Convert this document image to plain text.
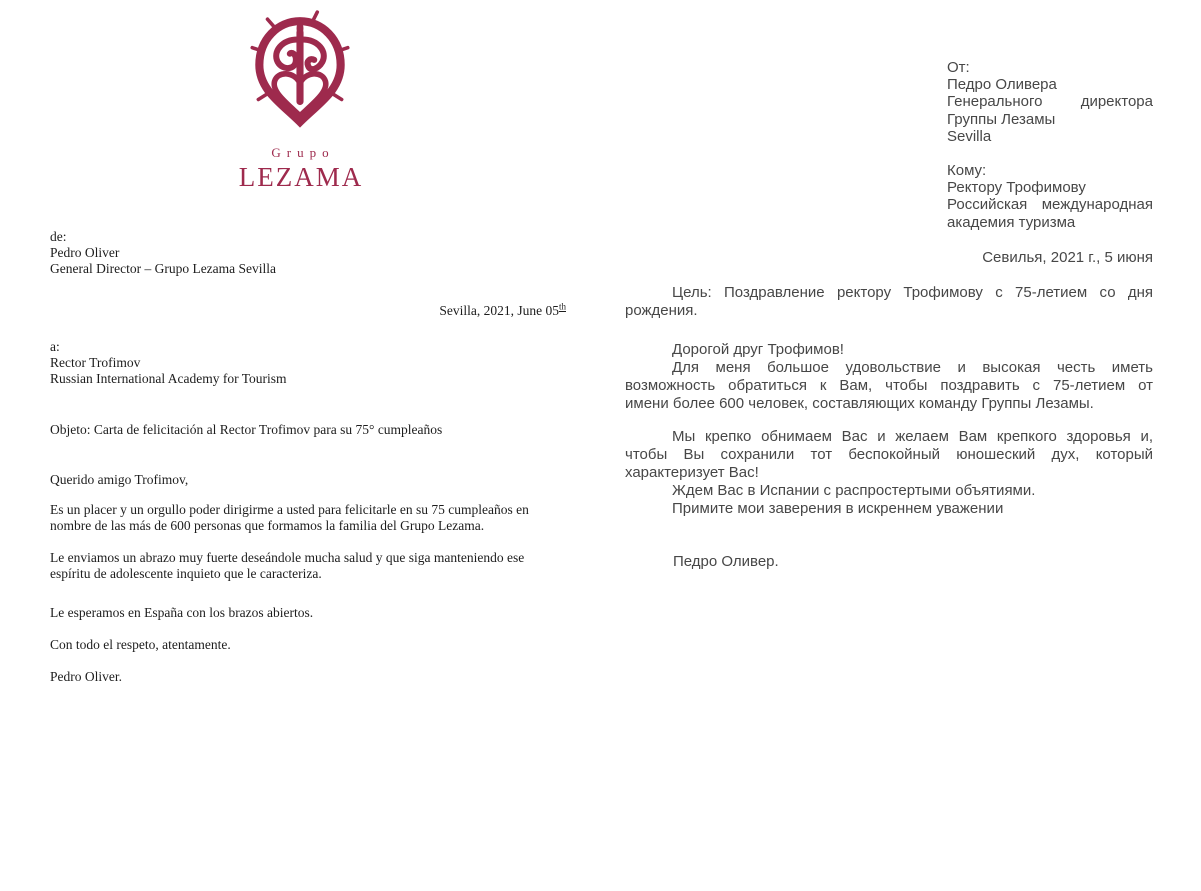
Grupo
LEZAMA
de:
Pedro Oliver
General Director – Grupo Lezama Sevilla
Sevilla, 2021, June 05th
a:
Rector Trofimov
Russian International Academy for Tourism
Objeto: Carta de felicitación al Rector Trofimov para su 75° cumpleaños
Querido amigo Trofimov,
Es un placer y un orgullo poder dirigirme a usted para felicitarle en su 75 cumpleaños en
nombre de las más de 600 personas que formamos la familia del Grupo Lezama.
Le enviamos un abrazo muy fuerte deseándole mucha salud y que siga manteniendo ese
espíritu de adolescente inquieto que le caracteriza.
Le esperamos en España con los brazos abiertos.
Con todo el respeto, atentamente.
Pedro Oliver.
От:
Педро Оливера
Генерального директора Группы Лезамы
Sevilla
Кому:
Ректору Трофимову
Российская международная академия туризма
Севилья, 2021 г., 5 июня
Цель: Поздравление ректору Трофимову с 75-летием со дня
рождения.
Дорогой друг Трофимов!
Для меня большое удовольствие и высокая честь иметь
возможность обратиться к Вам, чтобы поздравить с 75-летием от
имени более 600 человек, составляющих команду Группы Лезамы.
Мы крепко обнимаем Вас и желаем Вам крепкого здоровья и,
чтобы Вы сохранили тот беспокойный юношеский дух, который
характеризует Вас!
Ждем Вас в Испании с распростертыми объятиями.
Примите мои заверения в искреннем уважении
Педро Оливер.
